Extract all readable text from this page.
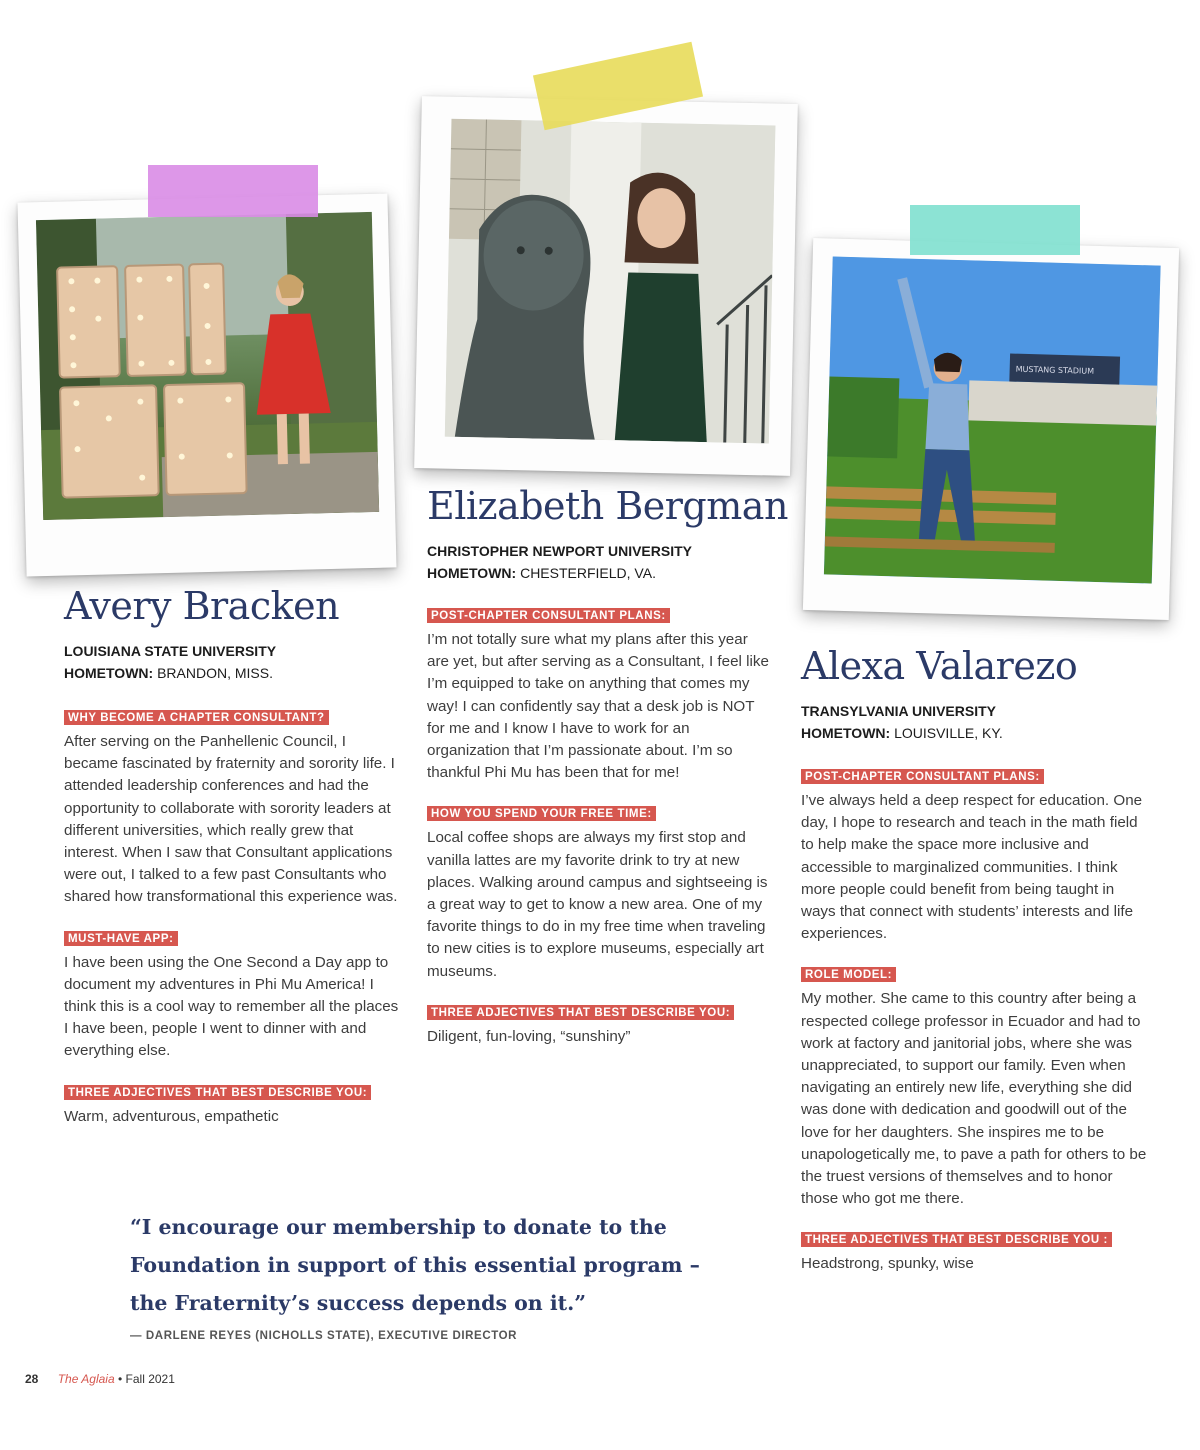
MUSTANG STADIUM
Avery Bracken
LOUISIANA STATE UNIVERSITY
HOMETOWN: BRANDON, MISS.
WHY BECOME A CHAPTER CONSULTANT?
After serving on the Panhellenic Council, I became fascinated by fraternity and sorority life. I attended leadership conferences and had the opportunity to collaborate with sorority leaders at different universities, which really grew that interest. When I saw that Consultant applications were out, I talked to a few past Consultants who shared how transformational this experience was.
MUST-HAVE APP:
I have been using the One Second a Day app to document my adventures in Phi Mu America! I think this is a cool way to remember all the places I have been, people I went to dinner with and everything else.
THREE ADJECTIVES THAT BEST DESCRIBE YOU:
Warm, adventurous, empathetic
Elizabeth Bergman
CHRISTOPHER NEWPORT UNIVERSITY
HOMETOWN: CHESTERFIELD, VA.
POST-CHAPTER CONSULTANT PLANS:
I’m not totally sure what my plans after this year are yet, but after serving as a Consultant, I feel like I’m equipped to take on anything that comes my way! I can confidently say that a desk job is NOT for me and I know I have to work for an organization that I’m passionate about. I’m so thankful Phi Mu has been that for me!
HOW YOU SPEND YOUR FREE TIME:
Local coffee shops are always my first stop and vanilla lattes are my favorite drink to try at new places. Walking around campus and sightseeing is a great way to get to know a new area. One of my favorite things to do in my free time when traveling to new cities is to explore museums, especially art museums.
THREE ADJECTIVES THAT BEST DESCRIBE YOU:
Diligent, fun-loving, “sunshiny”
Alexa Valarezo
TRANSYLVANIA UNIVERSITY
HOMETOWN: LOUISVILLE, KY.
POST-CHAPTER CONSULTANT PLANS:
I’ve always held a deep respect for education. One day, I hope to research and teach in the math field to help make the space more inclusive and accessible to marginalized communities. I think more people could benefit from being taught in ways that connect with students’ interests and life experiences.
ROLE MODEL:
My mother. She came to this country after being a respected college professor in Ecuador and had to work at factory and janitorial jobs, where she was unappreciated, to support our family. Even when navigating an entirely new life, everything she did was done with dedication and goodwill out of the love for her daughters. She inspires me to be unapologetically me, to pave a path for others to be the truest versions of themselves and to honor those who got me there.
THREE ADJECTIVES THAT BEST DESCRIBE YOU :
Headstrong, spunky, wise
“I encourage our membership to donate to the Foundation in support of this essential program – the Fraternity’s success depends on it.”
— DARLENE REYES (NICHOLLS STATE), EXECUTIVE DIRECTOR
28 The Aglaia • Fall 2021
